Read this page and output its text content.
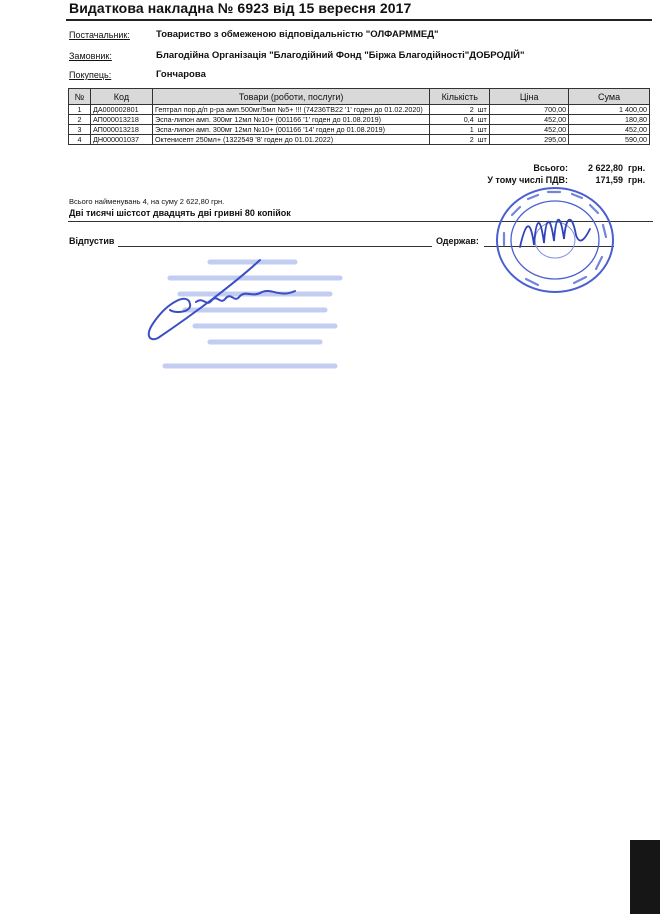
Видаткова накладна № 6923 від 15 вересня 2017
Постачальник:	Товариство з обмеженою відповідальністю "ОЛФАРММЕД"
Замовник:	Благодійна Організація "Благодійний Фонд "Біржа Благодійності"ДОБРОДІЙ"
Покупець:	Гончарова
№	Код	Товари (роботи, послуги)	Кількість		Ціна	Сума
1	ДА000002801	Гептрал пор.д/п р-ра амп.500мг/5мл №5+ !!! (74236ТВ22 '1' годен до 01.02.2020)	2	шт	700,00	1 400,00
2	АП000013218	Эспа-липон амп. 300мг 12мл №10+ (001166 '1' годен до 01.08.2019)	0,4	шт	452,00	180,80
3	АП000013218	Эспа-липон амп. 300мг 12мл №10+ (001166 '14' годен до 01.08.2019)	1	шт	452,00	452,00
4	ДН000001037	Октенисепт 250мл+ (1322549 '8' годен до 01.01.2022)	2	шт	295,00	590,00
Всього:	2 622,80 грн.
У тому числі ПДВ:	171,59 грн.
Всього найменувань 4, на суму 2 622,80 грн.
Дві тисячі шістсот двадцять дві гривні 80 копійок
Відпустив	Одержав:
